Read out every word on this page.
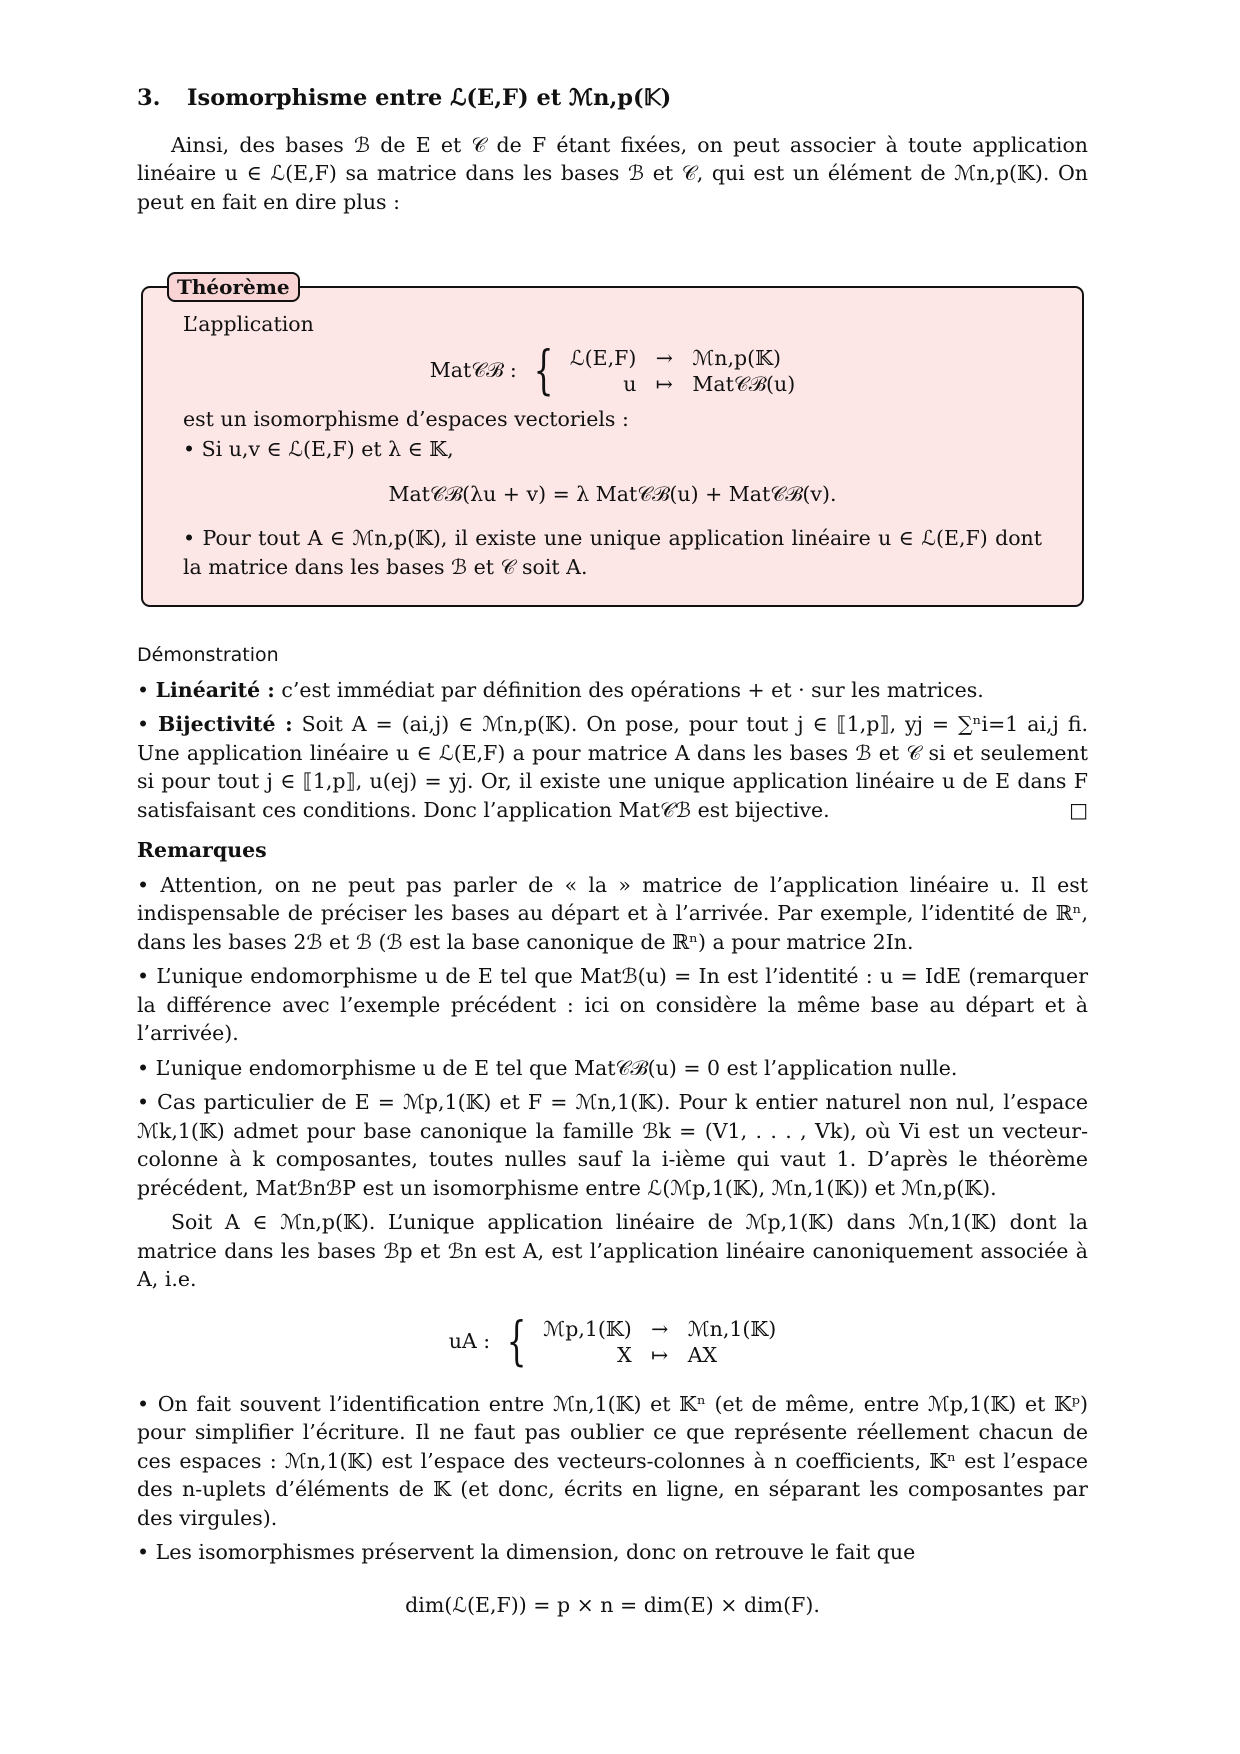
3. Isomorphisme entre ℒ(E,F) et ℳn,p(𝕂)

Ainsi, des bases ℬ de E et 𝒞 de F étant fixées, on peut associer à toute application linéaire u ∈ ℒ(E,F) sa matrice dans les bases ℬ et 𝒞, qui est un élément de ℳn,p(𝕂). On peut en fait en dire plus :

Théorème

L’application

Mat𝒞ℬ : { ℒ(E,F) → ℳn,p(𝕂)
u ↦ Mat𝒞ℬ(u)

est un isomorphisme d’espaces vectoriels :

• Si u,v ∈ ℒ(E,F) et λ ∈ 𝕂,

Mat𝒞ℬ(λu + v) = λ Mat𝒞ℬ(u) + Mat𝒞ℬ(v).

• Pour tout A ∈ ℳn,p(𝕂), il existe une unique application linéaire u ∈ ℒ(E,F) dont la matrice dans les bases ℬ et 𝒞 soit A.

Démonstration

• Linéarité : c’est immédiat par définition des opérations + et · sur les matrices.

• Bijectivité : Soit A = (ai,j) ∈ ℳn,p(𝕂). On pose, pour tout j ∈ ⟦1,p⟧, yj = ∑ⁿi=1 ai,j fi. Une application linéaire u ∈ ℒ(E,F) a pour matrice A dans les bases ℬ et 𝒞 si et seulement si pour tout j ∈ ⟦1,p⟧, u(ej) = yj. Or, il existe une unique application linéaire u de E dans F satisfaisant ces conditions. Donc l’application Mat𝒞ℬ est bijective.	□

Remarques

• Attention, on ne peut pas parler de « la » matrice de l’application linéaire u. Il est indispensable de préciser les bases au départ et à l’arrivée. Par exemple, l’identité de ℝⁿ, dans les bases 2ℬ et ℬ (ℬ est la base canonique de ℝⁿ) a pour matrice 2In.

• L’unique endomorphisme u de E tel que Matℬ(u) = In est l’identité : u = IdE (remarquer la différence avec l’exemple précédent : ici on considère la même base au départ et à l’arrivée).

• L’unique endomorphisme u de E tel que Mat𝒞ℬ(u) = 0 est l’application nulle.

• Cas particulier de E = ℳp,1(𝕂) et F = ℳn,1(𝕂). Pour k entier naturel non nul, l’espace ℳk,1(𝕂) admet pour base canonique la famille ℬk = (V1, . . . , Vk), où Vi est un vecteur-colonne à k composantes, toutes nulles sauf la i-ième qui vaut 1. D’après le théorème précédent, MatℬnℬP est un isomorphisme entre ℒ(ℳp,1(𝕂), ℳn,1(𝕂)) et ℳn,p(𝕂).

Soit A ∈ ℳn,p(𝕂). L’unique application linéaire de ℳp,1(𝕂) dans ℳn,1(𝕂) dont la matrice dans les bases ℬp et ℬn est A, est l’application linéaire canoniquement associée à A, i.e.

uA : { ℳp,1(𝕂) → ℳn,1(𝕂)
X ↦ AX

• On fait souvent l’identification entre ℳn,1(𝕂) et 𝕂ⁿ (et de même, entre ℳp,1(𝕂) et 𝕂ᵖ) pour simplifier l’écriture. Il ne faut pas oublier ce que représente réellement chacun de ces espaces : ℳn,1(𝕂) est l’espace des vecteurs-colonnes à n coefficients, 𝕂ⁿ est l’espace des n-uplets d’éléments de 𝕂 (et donc, écrits en ligne, en séparant les composantes par des virgules).

• Les isomorphismes préservent la dimension, donc on retrouve le fait que

dim(ℒ(E,F)) = p × n = dim(E) × dim(F).
